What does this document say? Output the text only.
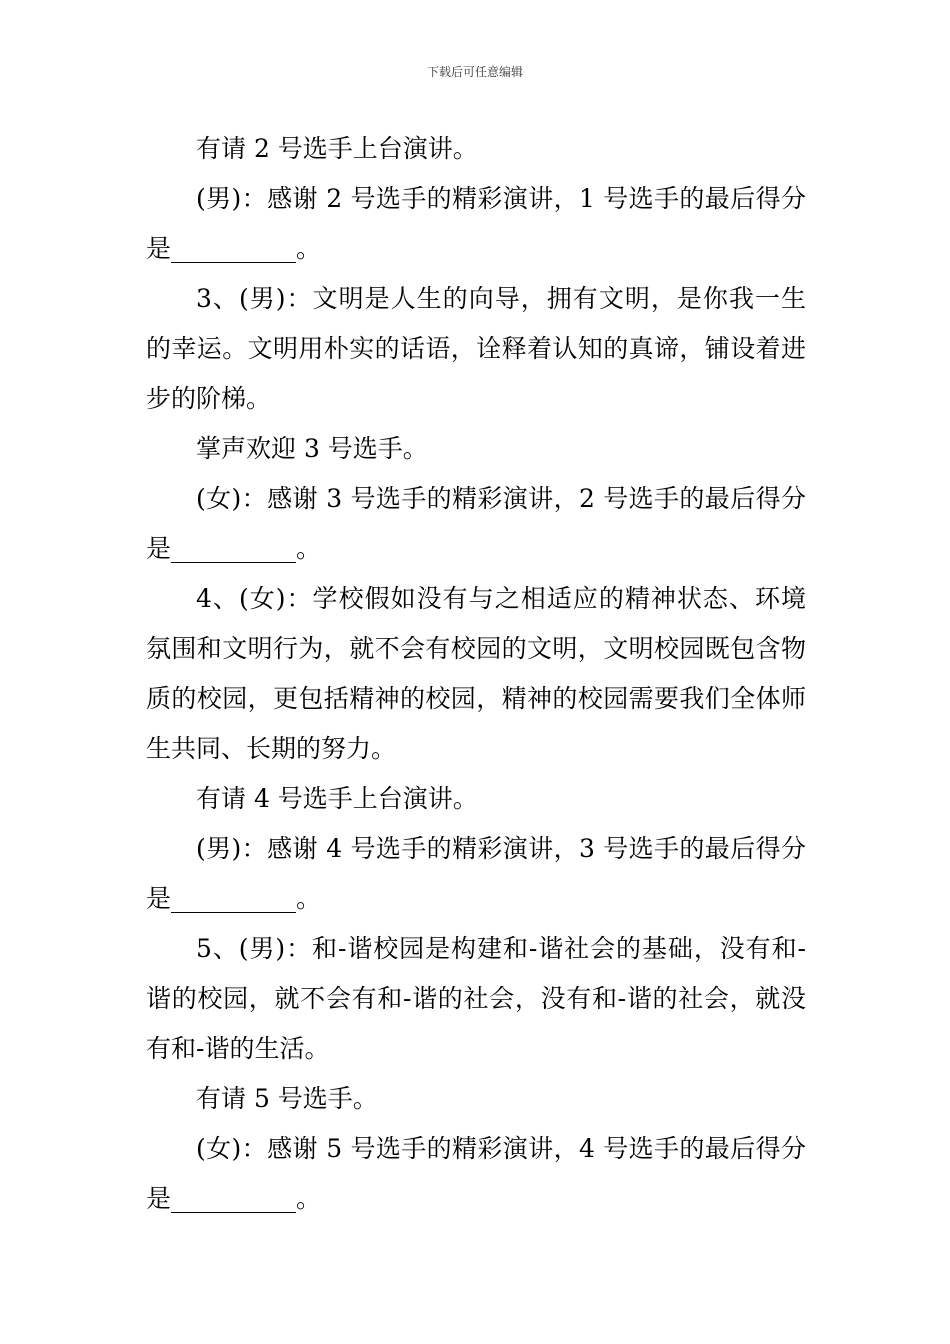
下载后可任意编辑

有请 2 号选手上台演讲。

(男)：感谢 2 号选手的精彩演讲，1 号选手的最后得分是__________。

3、(男)：文明是人生的向导，拥有文明，是你我一生的幸运。文明用朴实的话语，诠释着认知的真谛，铺设着进步的阶梯。

掌声欢迎 3 号选手。

(女)：感谢 3 号选手的精彩演讲，2 号选手的最后得分是__________。

4、(女)：学校假如没有与之相适应的精神状态、环境氛围和文明行为，就不会有校园的文明，文明校园既包含物质的校园，更包括精神的校园，精神的校园需要我们全体师生共同、长期的努力。

有请 4 号选手上台演讲。

(男)：感谢 4 号选手的精彩演讲，3 号选手的最后得分是__________。

5、(男)：和-谐校园是构建和-谐社会的基础，没有和-谐的校园，就不会有和-谐的社会，没有和-谐的社会，就没有和-谐的生活。

有请 5 号选手。

(女)：感谢 5 号选手的精彩演讲，4 号选手的最后得分是__________。
